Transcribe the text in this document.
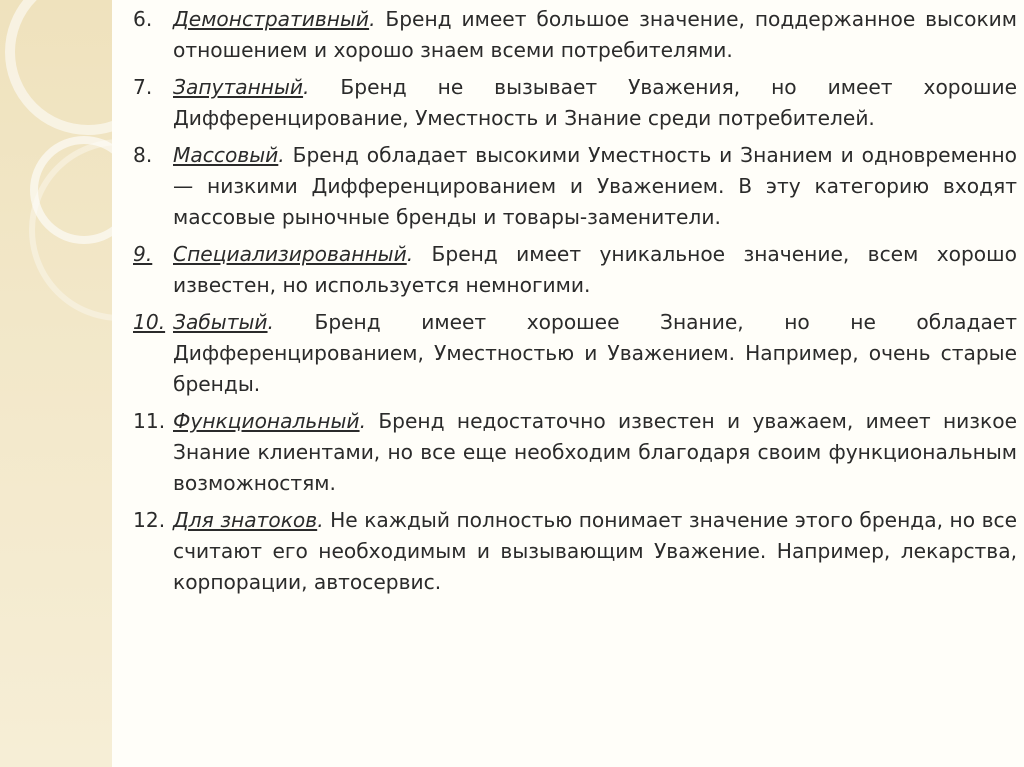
6.	Демонстративный. Бренд имеет большое значение, поддержанное высоким отношением и хорошо знаем всеми потребителями.
7.	Запутанный. Бренд не вызывает Уважения, но имеет хорошие Дифференцирование, Уместность и Знание среди потребителей.
8.	Массовый. Бренд обладает высокими Уместность и Знанием и одновременно — низкими Дифференцированием и Уважением. В эту категорию входят массовые рыночные бренды и товары-заменители.
9.	Специализированный. Бренд имеет уникальное значение, всем хорошо известен, но используется немногими.
10. Забытый. Бренд имеет хорошее Знание, но не обладает Дифференцированием, Уместностью и Уважением. Например, очень старые бренды.
11. Функциональный. Бренд недостаточно известен и уважаем, имеет низкое Знание клиентами, но все еще необходим благодаря своим функциональным возможностям.
12. Для знатоков. Не каждый полностью понимает значение этого бренда, но все считают его необходимым и вызывающим Уважение. Например, лекарства, корпорации, автосервис.
